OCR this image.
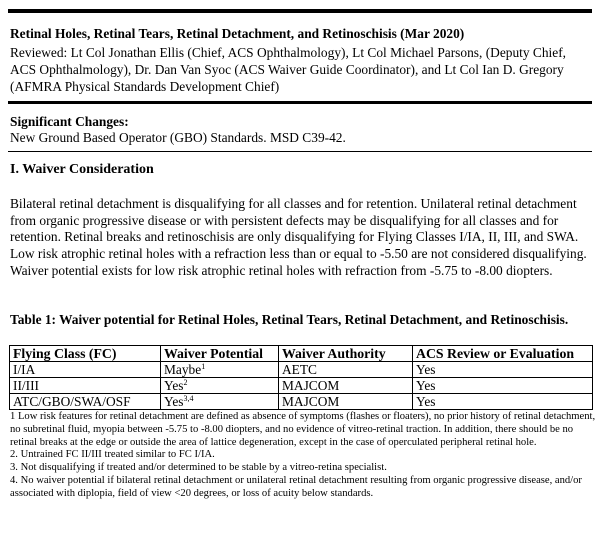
Retinal Holes, Retinal Tears, Retinal Detachment, and Retinoschisis (Mar 2020)
Reviewed: Lt Col Jonathan Ellis (Chief, ACS Ophthalmology), Lt Col Michael Parsons, (Deputy Chief, ACS Ophthalmology), Dr. Dan Van Syoc (ACS Waiver Guide Coordinator), and Lt Col Ian D. Gregory (AFMRA Physical Standards Development Chief)
Significant Changes:
New Ground Based Operator (GBO) Standards. MSD C39-42.
I. Waiver Consideration
Bilateral retinal detachment is disqualifying for all classes and for retention. Unilateral retinal detachment from organic progressive disease or with persistent defects may be disqualifying for all classes and for retention. Retinal breaks and retinoschisis are only disqualifying for Flying Classes I/IA, II, III, and SWA. Low risk atrophic retinal holes with a refraction less than or equal to -5.50 are not considered disqualifying. Waiver potential exists for low risk atrophic retinal holes with refraction from -5.75 to -8.00 diopters.
Table 1: Waiver potential for Retinal Holes, Retinal Tears, Retinal Detachment, and Retinoschisis.
Flying Class (FC)	Waiver Potential	Waiver Authority	ACS Review or Evaluation
I/IA	Maybe$^1$	AETC	Yes
II/III	Yes$^2$	MAJCOM	Yes
ATC/GBO/SWA/OSF	Yes$^{3,4}$	MAJCOM	Yes
1 Low risk features for retinal detachment are defined as absence of symptoms (flashes or floaters), no prior history of retinal detachment, no subretinal fluid, myopia between -5.75 to -8.00 diopters, and no evidence of vitreo-retinal traction. In addition, there should be no retinal breaks at the edge or outside the area of lattice degeneration, except in the case of operculated peripheral retinal hole.
2. Untrained FC II/III treated similar to FC I/IA.
3. Not disqualifying if treated and/or determined to be stable by a vitreo-retina specialist.
4. No waiver potential if bilateral retinal detachment or unilateral retinal detachment resulting from organic progressive disease, and/or associated with diplopia, field of view <20 degrees, or loss of acuity below standards.
